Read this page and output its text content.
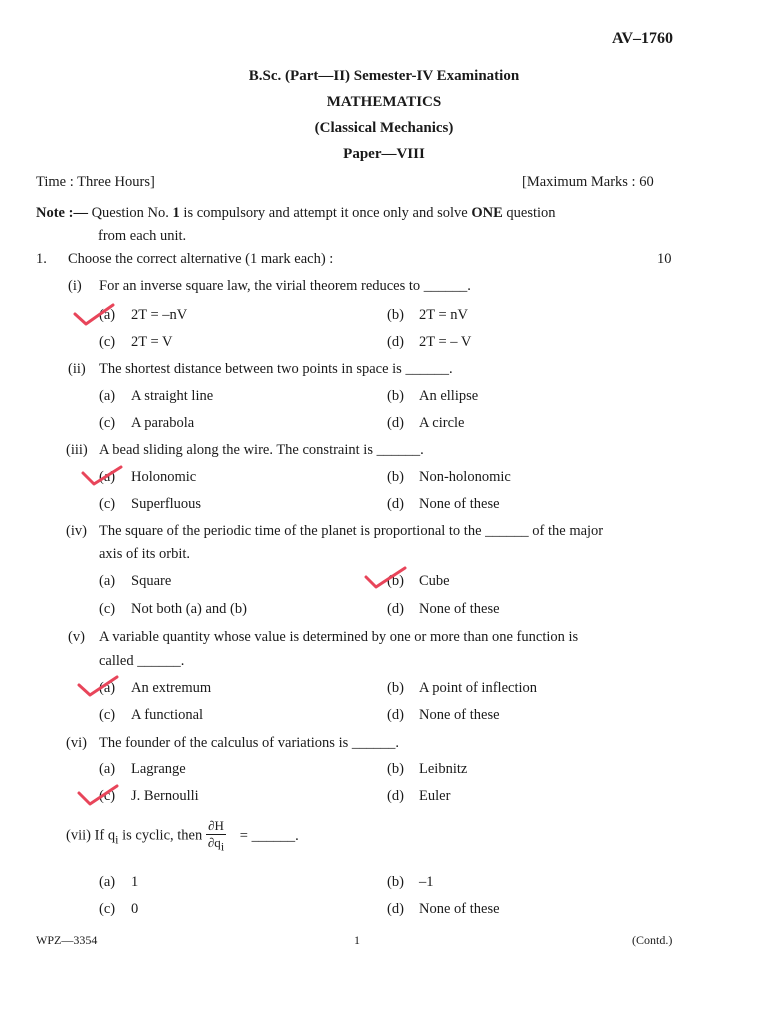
AV–1760
B.Sc. (Part—II) Semester-IV Examination
MATHEMATICS
(Classical Mechanics)
Paper—VIII
Time : Three Hours]	[Maximum Marks : 60
Note :— Question No. 1 is compulsory and attempt it once only and solve ONE question
from each unit.
1. Choose the correct alternative (1 mark each) :	10
(i) For an inverse square law, the virial theorem reduces to ______.
(a) 2T = –nV	(b) 2T = nV
(c) 2T = V	(d) 2T = – V
(ii) The shortest distance between two points in space is ______.
(a) A straight line	(b) An ellipse
(c) A parabola	(d) A circle
(iii) A bead sliding along the wire. The constraint is ______.
(a) Holonomic	(b) Non-holonomic
(c) Superfluous	(d) None of these
(iv) The square of the periodic time of the planet is proportional to the ______ of the major
axis of its orbit.
(a) Square	(b) Cube
(c) Not both (a) and (b)	(d) None of these
(v) A variable quantity whose value is determined by one or more than one function is
called ______.
(a) An extremum	(b) A point of inflection
(c) A functional	(d) None of these
(vi) The founder of the calculus of variations is ______.
(a) Lagrange	(b) Leibnitz
(c) J. Bernoulli	(d) Euler
(vii) If $q_i$ is cyclic, then $\frac{\partial H}{\partial q_i}$ = ______.
(a) 1	(b) –1
(c) 0	(d) None of these
WPZ—3354	1	(Contd.)
